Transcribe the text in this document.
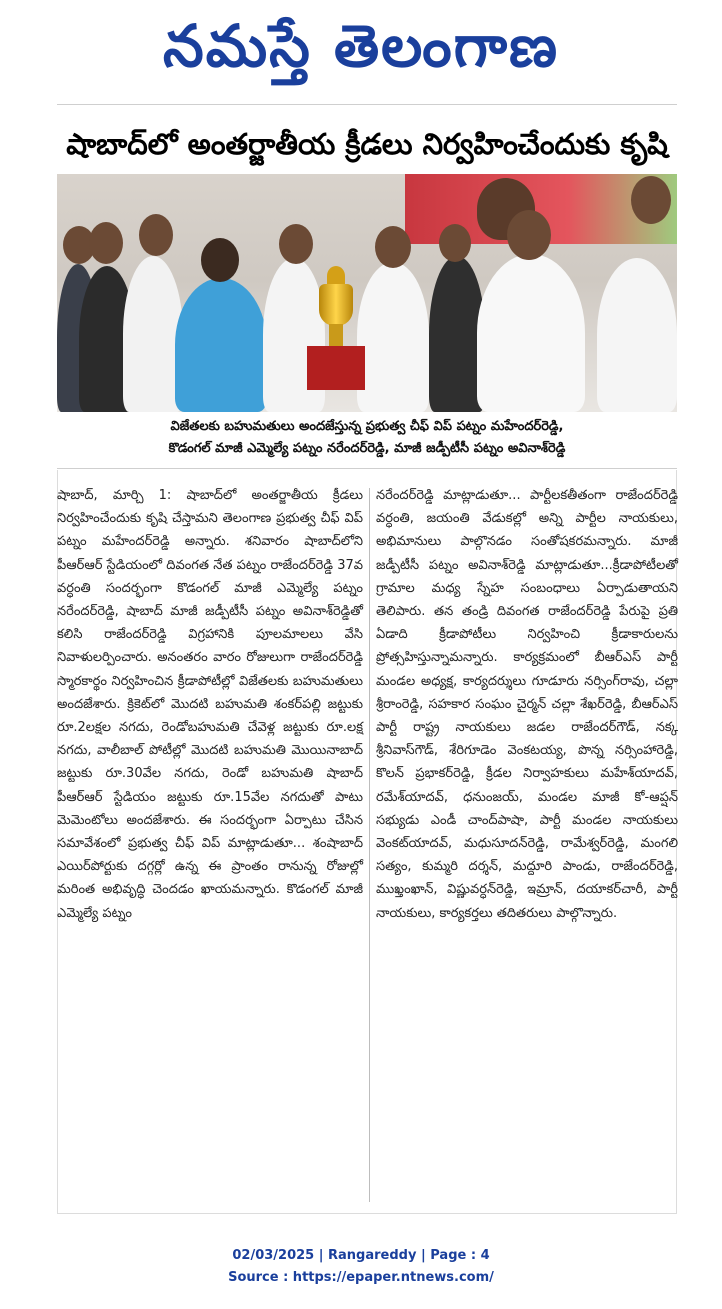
నమస్తే తెలంగాణ
షాబాద్‌లో అంతర్జాతీయ క్రీడలు నిర్వహించేందుకు కృషి
విజేతలకు బహుమతులు అందజేస్తున్న ప్రభుత్వ చీఫ్ విప్ పట్నం మహేందర్‌రెడ్డి,
కొడంగల్ మాజీ ఎమ్మెల్యే పట్నం నరేందర్‌రెడ్డి, మాజీ జడ్పీటీసీ పట్నం అవినాశ్‌రెడ్డి
షాబాద్, మార్చి 1: షాబాద్‌లో అంతర్జాతీయ క్రీడలు నిర్వహించేందుకు కృషి చేస్తామని తెలంగాణ ప్రభుత్వ చీఫ్ విప్ పట్నం మహేందర్‌రెడ్డి అన్నారు. శనివారం షాబాద్‌లోని పీఆర్‌ఆర్ స్టేడియంలో దివంగత నేత పట్నం రాజేందర్‌రెడ్డి 37వ వర్ధంతి సందర్భంగా కొడంగల్ మాజీ ఎమ్మెల్యే పట్నం నరేందర్‌రెడ్డి, షాబాద్ మాజీ జడ్పీటీసీ పట్నం అవినాశ్‌రెడ్డితో కలిసి రాజేందర్‌రెడ్డి విగ్రహానికి పూలమాలలు వేసి నివాళులర్పించారు. అనంతరం వారం రోజులుగా రాజేందర్‌రెడ్డి స్మారకార్థం నిర్వహించిన క్రీడాపోటీల్లో విజేతలకు బహుమతులు అందజేశారు. క్రికెట్‌లో మొదటి బహుమతి శంకర్‌పల్లి జట్టుకు రూ.2లక్షల నగదు, రెండోబహుమతి చేవెళ్ల జట్టుకు రూ.లక్ష నగదు, వాలీబాల్ పోటీల్లో మొదటి బహుమతి మొయినాబాద్ జట్టుకు రూ.30వేల నగదు, రెండో బహుమతి షాబాద్ పీఆర్‌ఆర్ స్టేడియం జట్టుకు రూ.15వేల నగదుతో పాటు మెమెంటోలు అందజేశారు. ఈ సందర్భంగా ఏర్పాటు చేసిన సమావేశంలో ప్రభుత్వ చీఫ్ విప్ మాట్లాడుతూ... శంషాబాద్ ఎయిర్‌పోర్టుకు దగ్గర్లో ఉన్న ఈ ప్రాంతం రానున్న రోజుల్లో మరింత అభివృద్ధి చెందడం ఖాయమన్నారు. కొడంగల్ మాజీ ఎమ్మెల్యే పట్నం
నరేందర్‌రెడ్డి మాట్లాడుతూ... పార్టీలకతీతంగా రాజేందర్‌రెడ్డి వర్ధంతి, జయంతి వేడుకల్లో అన్ని పార్టీల నాయకులు, అభిమానులు పాల్గొనడం సంతోషకరమన్నారు. మాజీ జడ్పీటీసీ పట్నం అవినాశ్‌రెడ్డి మాట్లాడుతూ...క్రీడాపోటీలతో గ్రామాల మధ్య స్నేహ సంబంధాలు ఏర్పాడుతాయని తెలిపారు. తన తండ్రి దివంగత రాజేందర్‌రెడ్డి పేరుపై ప్రతి ఏడాది క్రీడాపోటీలు నిర్వహించి క్రీడాకారులను ప్రోత్సహిస్తున్నామన్నారు. కార్యక్రమంలో బీఆర్‌ఎస్ పార్టీ మండల అధ్యక్ష, కార్యదర్శులు గూడూరు నర్సింగ్‌రావు, చల్లా శ్రీరాంరెడ్డి, సహకార సంఘం చైర్మన్ చల్లా శేఖర్‌రెడ్డి, బీఆర్‌ఎస్ పార్టీ రాష్ట్ర నాయకులు జడల రాజేందర్‌గౌడ్, నక్క శ్రీనివాస్‌గౌడ్, శేరిగూడెం వెంకటయ్య, పొన్న నర్సింహారెడ్డి, కొలన్ ప్రభాకర్‌రెడ్డి, క్రీడల నిర్వాహకులు మహేశ్‌యాదవ్, రమేశ్‌యాదవ్, ధనుంజయ్, మండల మాజీ కో-ఆప్షన్ సభ్యుడు ఎండీ చాంద్‌పాషా, పార్టీ మండల నాయకులు వెంకట్‌యాదవ్, మధుసూదన్‌రెడ్డి, రామేశ్వర్‌రెడ్డి, మంగలి సత్యం, కుమ్మరి దర్శన్, మద్దూరి పాండు, రాజేందర్‌రెడ్డి, ముఖ్తంఖాన్, విష్ణువర్ధన్‌రెడ్డి, ఇమ్రాన్, దయాకర్‌చారీ, పార్టీ నాయకులు, కార్యకర్తలు తదితరులు పాల్గొన్నారు.
02/03/2025 | Rangareddy | Page : 4
Source : https://epaper.ntnews.com/
